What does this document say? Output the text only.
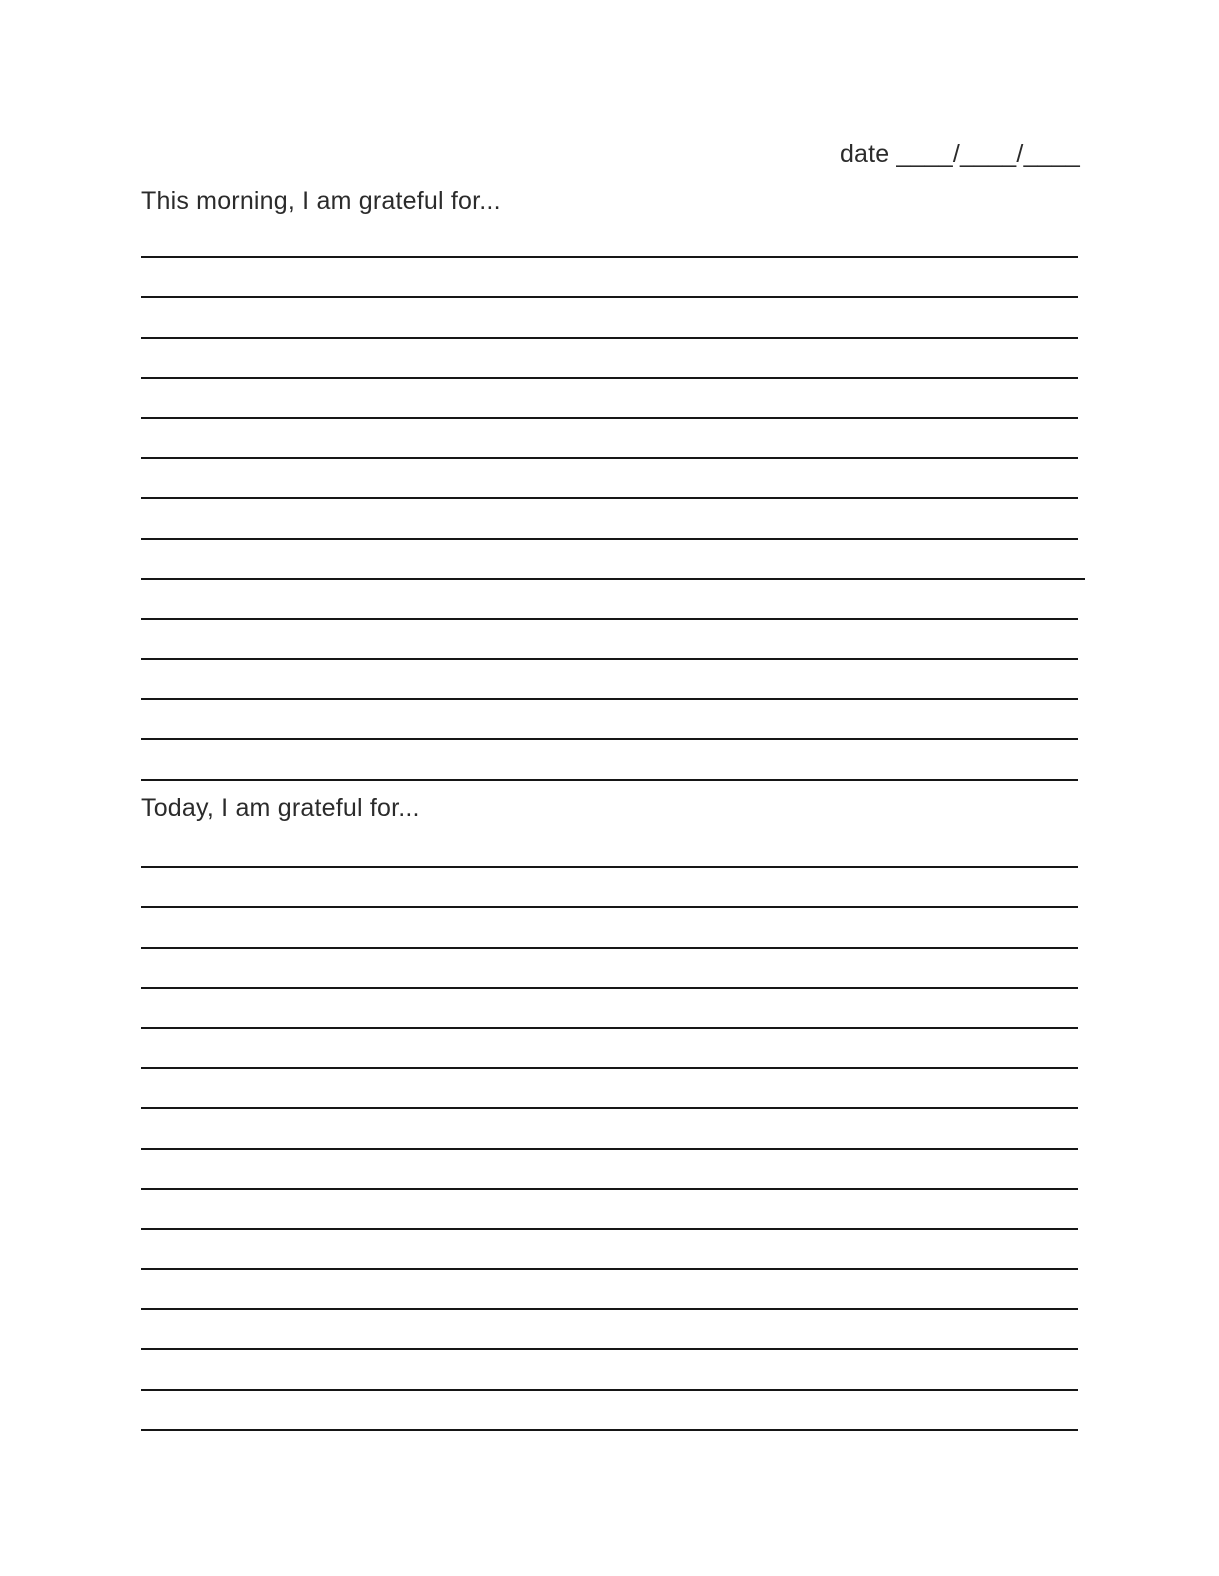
date ____/____/____
This morning, I am grateful for...
Today, I am grateful for...
